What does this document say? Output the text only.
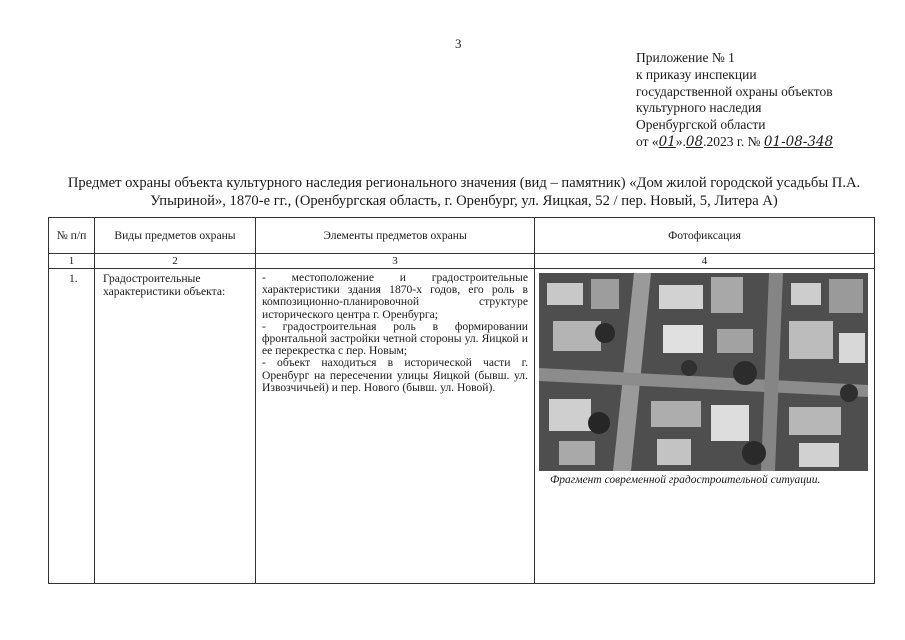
3
Приложение № 1
к приказу инспекции
государственной охраны объектов
культурного наследия
Оренбургской области
от «01».08.2023 г. № 01-08-348
Предмет охраны объекта культурного наследия регионального значения (вид – памятник) «Дом жилой городской усадьбы П.А. Упыриной», 1870-е гг., (Оренбургская область, г. Оренбург, ул. Яицкая, 52 / пер. Новый, 5, Литера А)
№ п/п	Виды предметов охраны	Элементы предметов охраны	Фотофиксация
1	2	3	4

1.	Градостроительные характеристики объекта:	- местоположение и градостроительные характеристики здания 1870-х годов, его роль в композиционно-планировочной структуре исторического центра г. Оренбурга;
- градостроительная роль в формировании фронтальной застройки четной стороны ул. Яицкой и ее перекрестка с пер. Новым;
- объект находиться в исторической части г. Оренбург на пересечении улицы Яицкой (бывш. ул. Извозчичьей) и пер. Нового (бывш. ул. Новой).	Фрагмент современной градостроительной ситуации.
